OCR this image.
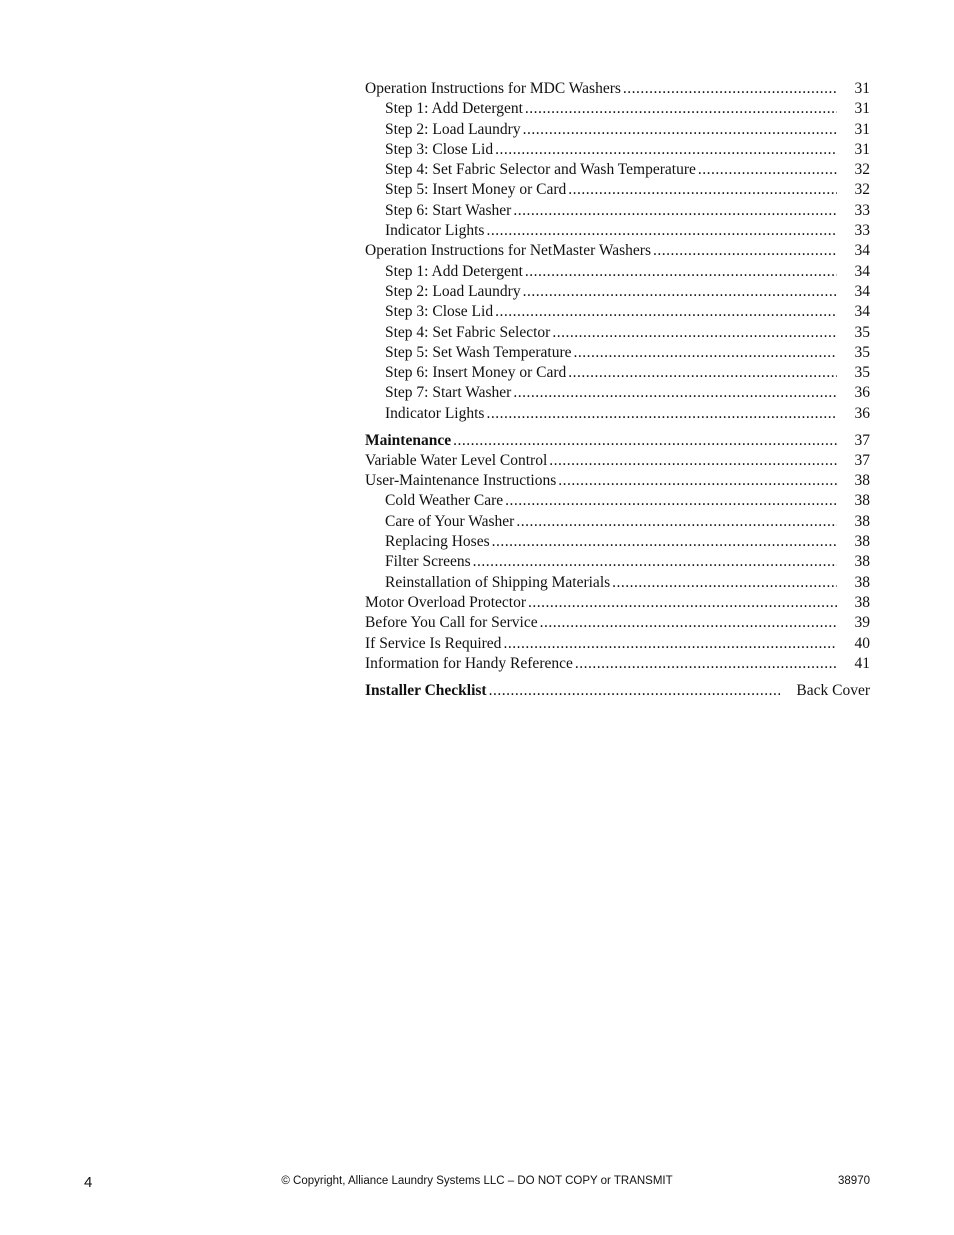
Operation Instructions for MDC Washers .....	31
Step 1: Add Detergent .....	31
Step 2: Load Laundry .....	31
Step 3: Close Lid .....	31
Step 4: Set Fabric Selector and Wash Temperature .....	32
Step 5: Insert Money or Card .....	32
Step 6: Start Washer .....	33
Indicator Lights .....	33
Operation Instructions for NetMaster Washers .....	34
Step 1: Add Detergent .....	34
Step 2: Load Laundry .....	34
Step 3: Close Lid .....	34
Step 4: Set Fabric Selector .....	35
Step 5: Set Wash Temperature .....	35
Step 6: Insert Money or Card .....	35
Step 7: Start Washer .....	36
Indicator Lights .....	36
Maintenance .....	37
Variable Water Level Control .....	37
User-Maintenance Instructions .....	38
Cold Weather Care .....	38
Care of Your Washer .....	38
Replacing Hoses .....	38
Filter Screens .....	38
Reinstallation of Shipping Materials .....	38
Motor Overload Protector .....	38
Before You Call for Service .....	39
If Service Is Required .....	40
Information for Handy Reference .....	41
Installer Checklist .....	Back Cover
4	© Copyright, Alliance Laundry Systems LLC – DO NOT COPY or TRANSMIT	38970
